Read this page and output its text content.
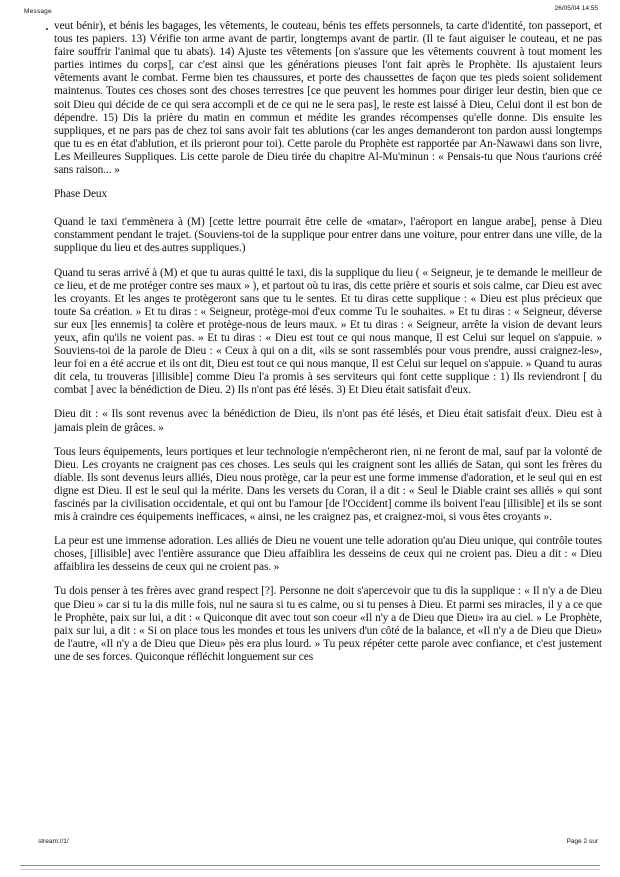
Message	26/05/04 14:55

veut bénir), et bénis les bagages, les vêtements, le couteau, bénis tes effets personnels, ta carte d'identité, ton passeport, et tous tes papiers. 13) Vérifie ton arme avant de partir, longtemps avant de partir. (Il te faut aiguiser le couteau, et ne pas faire souffrir l'animal que tu abats). 14) Ajuste tes vêtements [on s'assure que les vêtements couvrent à tout moment les parties intimes du corps], car c'est ainsi que les générations pieuses l'ont fait après le Prophète. Ils ajustaient leurs vêtements avant le combat. Ferme bien tes chaussures, et porte des chaussettes de façon que tes pieds soient solidement maintenus. Toutes ces choses sont des choses terrestres [ce que peuvent les hommes pour diriger leur destin, bien que ce soit Dieu qui décide de ce qui sera accompli et de ce qui ne le sera pas], le reste est laissé à Dieu, Celui dont il est bon de dépendre. 15) Dis la prière du matin en commun et médite les grandes récompenses qu'elle donne. Dis ensuite les suppliques, et ne pars pas de chez toi sans avoir fait tes ablutions (car les anges demanderont ton pardon aussi longtemps que tu es en état d'ablution, et ils prieront pour toi). Cette parole du Prophète est rapportée par An-Nawawi dans son livre, Les Meilleures Suppliques. Lis cette parole de Dieu tirée du chapitre Al-Mu'minun : « Pensais-tu que Nous t'aurions créé sans raison... »

Phase Deux

Quand le taxi t'emmènera à (M) [cette lettre pourrait être celle de «matar», l'aéroport en langue arabe], pense à Dieu constamment pendant le trajet. (Souviens-toi de la supplique pour entrer dans une voiture, pour entrer dans une ville, de la supplique du lieu et des autres suppliques.)

Quand tu seras arrivé à (M) et que tu auras quitté le taxi, dis la supplique du lieu ( « Seigneur, je te demande le meilleur de ce lieu, et de me protéger contre ses maux » ), et partout où tu iras, dis cette prière et souris et sois calme, car Dieu est avec les croyants. Et les anges te protègeront sans que tu le sentes. Et tu diras cette supplique : « Dieu est plus précieux que toute Sa création. » Et tu diras : « Seigneur, protège-moi d'eux comme Tu le souhaites. » Et tu diras : « Seigneur, déverse sur eux [les ennemis] ta colère et protège-nous de leurs maux. » Et tu diras : « Seigneur, arrête la vision de devant leurs yeux, afin qu'ils ne voient pas. » Et tu diras : « Dieu est tout ce qui nous manque, Il est Celui sur lequel on s'appuie. » Souviens-toi de la parole de Dieu : « Ceux à qui on a dit, «ils se sont rassemblés pour vous prendre, aussi craignez-les», leur foi en a été accrue et ils ont dit, Dieu est tout ce qui nous manque, Il est Celui sur lequel on s'appuie. » Quand tu auras dit cela, tu trouveras [illisible] comme Dieu l'a promis à ses serviteurs qui font cette supplique : 1) Ils reviendront [ du combat ] avec la bénédiction de Dieu. 2) Ils n'ont pas été lésés. 3) Et Dieu était satisfait d'eux.

Dieu dit : « Ils sont revenus avec la bénédiction de Dieu, ils n'ont pas été lésés, et Dieu était satisfait d'eux. Dieu est à jamais plein de grâces. »

Tous leurs équipements, leurs portiques et leur technologie n'empêcheront rien, ni ne feront de mal, sauf par la volonté de Dieu. Les croyants ne craignent pas ces choses. Les seuls qui les craignent sont les alliés de Satan, qui sont les frères du diable. Ils sont devenus leurs alliés, Dieu nous protège, car la peur est une forme immense d'adoration, et le seul qui en est digne est Dieu. Il est le seul qui la mérite. Dans les versets du Coran, il a dit : « Seul le Diable craint ses alliés » qui sont fascinés par la civilisation occidentale, et qui ont bu l'amour [de l'Occident] comme ils boivent l'eau [illisible] et ils se sont mis à craindre ces équipements inefficaces, « ainsi, ne les craignez pas, et craignez-moi, si vous êtes croyants ».

La peur est une immense adoration. Les alliés de Dieu ne vouent une telle adoration qu'au Dieu unique, qui contrôle toutes choses, [illisible] avec l'entière assurance que Dieu affaiblira les desseins de ceux qui ne croient pas. Dieu a dit : « Dieu affaiblira les desseins de ceux qui ne croient pas. »

Tu dois penser à tes frères avec grand respect [?]. Personne ne doit s'apercevoir que tu dis la supplique : « Il n'y a de Dieu que Dieu » car si tu la dis mille fois, nul ne saura si tu es calme, ou si tu penses à Dieu. Et parmi ses miracles, il y a ce que le Prophète, paix sur lui, a dit : « Quiconque dit avec tout son coeur «Il n'y a de Dieu que Dieu» ira au ciel. » Le Prophète, paix sur lui, a dit : « Si on place tous les mondes et tous les univers d'un côté de la balance, et «Il n'y a de Dieu que Dieu» de l'autre, «Il n'y a de Dieu que Dieu» pès era plus lourd. » Tu peux répéter cette parole avec confiance, et c'est justement une de ses forces. Quiconque réfléchit longuement sur ces

stream://1/	Page 2 sur
